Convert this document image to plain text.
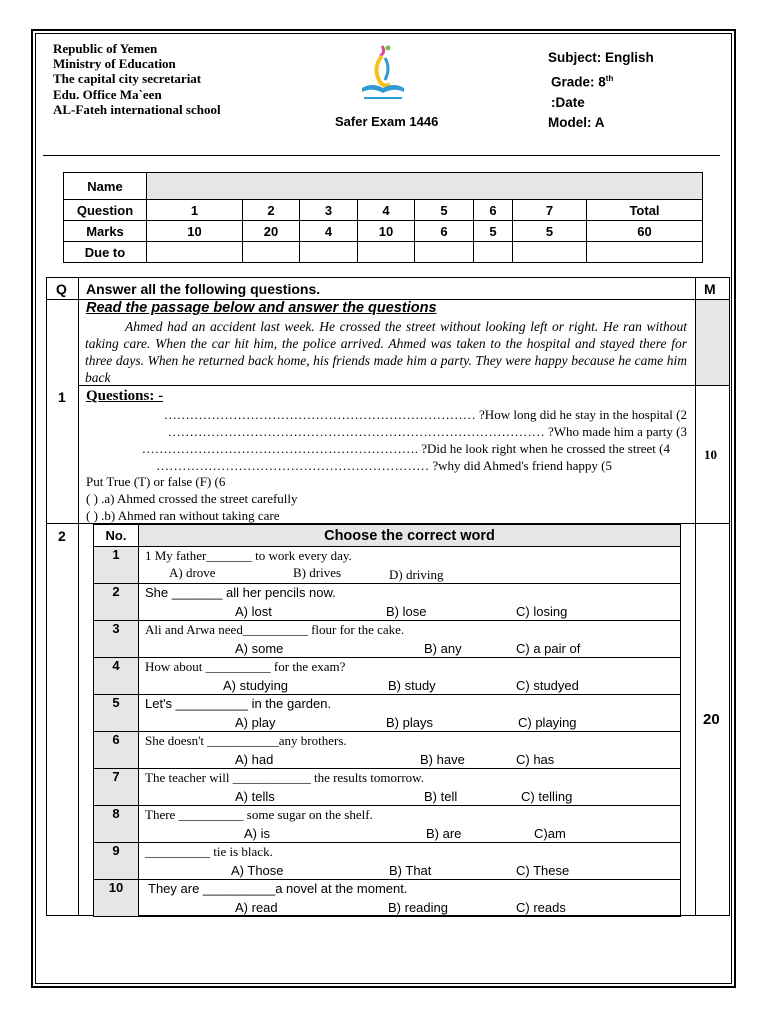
Republic of Yemen
Ministry of Education
The capital city secretariat
Edu. Office Ma`een
AL-Fateh international school
Subject: English
Grade: 8th
:Date
Model: A
Safer Exam 1446
Name								
Question	1	2	3	4	5	6	7	Total
Marks	10	20	4	10	6	5	5	60
Due to								
Q Answer all the following questions.	M
Read the passage below and answer the questions
Ahmed had an accident last week. He crossed the street without looking left or right. He ran without taking care. When the car hit him, the police arrived. Ahmed was taken to the hospital and stayed there for three days. When he returned back home, his friends made him a party. They were happy because he came him back
1 Questions: -
……………………………………………………………… ?How long did he stay in the hospital (2
…………………………………………………………………………… ?Who made him a party (3
………………………………………………………. ?Did he look right when he crossed the street (4
……………………………………………………… ?why did Ahmed's friend happy (5
Put True (T) or false (F) (6
( ) .a) Ahmed crossed the street carefully
( ) .b) Ahmed ran without taking care
10
2
20
No.	Choose the correct word
1	1 My father_______ to work every day.
A) drove B) drives D) driving

2	She _______ all her pencils now.
A) lost B) lose C) losing

3	Ali and Arwa need__________ flour for the cake.
A) some B) any C) a pair of

4	How about __________ for the exam?
A) studying B) study C) studyed

5	Let's __________ in the garden.
A) play B) plays C) playing

6	She doesn't ___________any brothers.
A) had B) have C) has

7	The teacher will ____________ the results tomorrow.
A) tells B) tell C) telling

8	There __________ some sugar on the shelf.
A) is B) are C)am

9	__________ tie is black.
A) Those B) That C) These

10	They are __________a novel at the moment.
A) read B) reading C) reads
